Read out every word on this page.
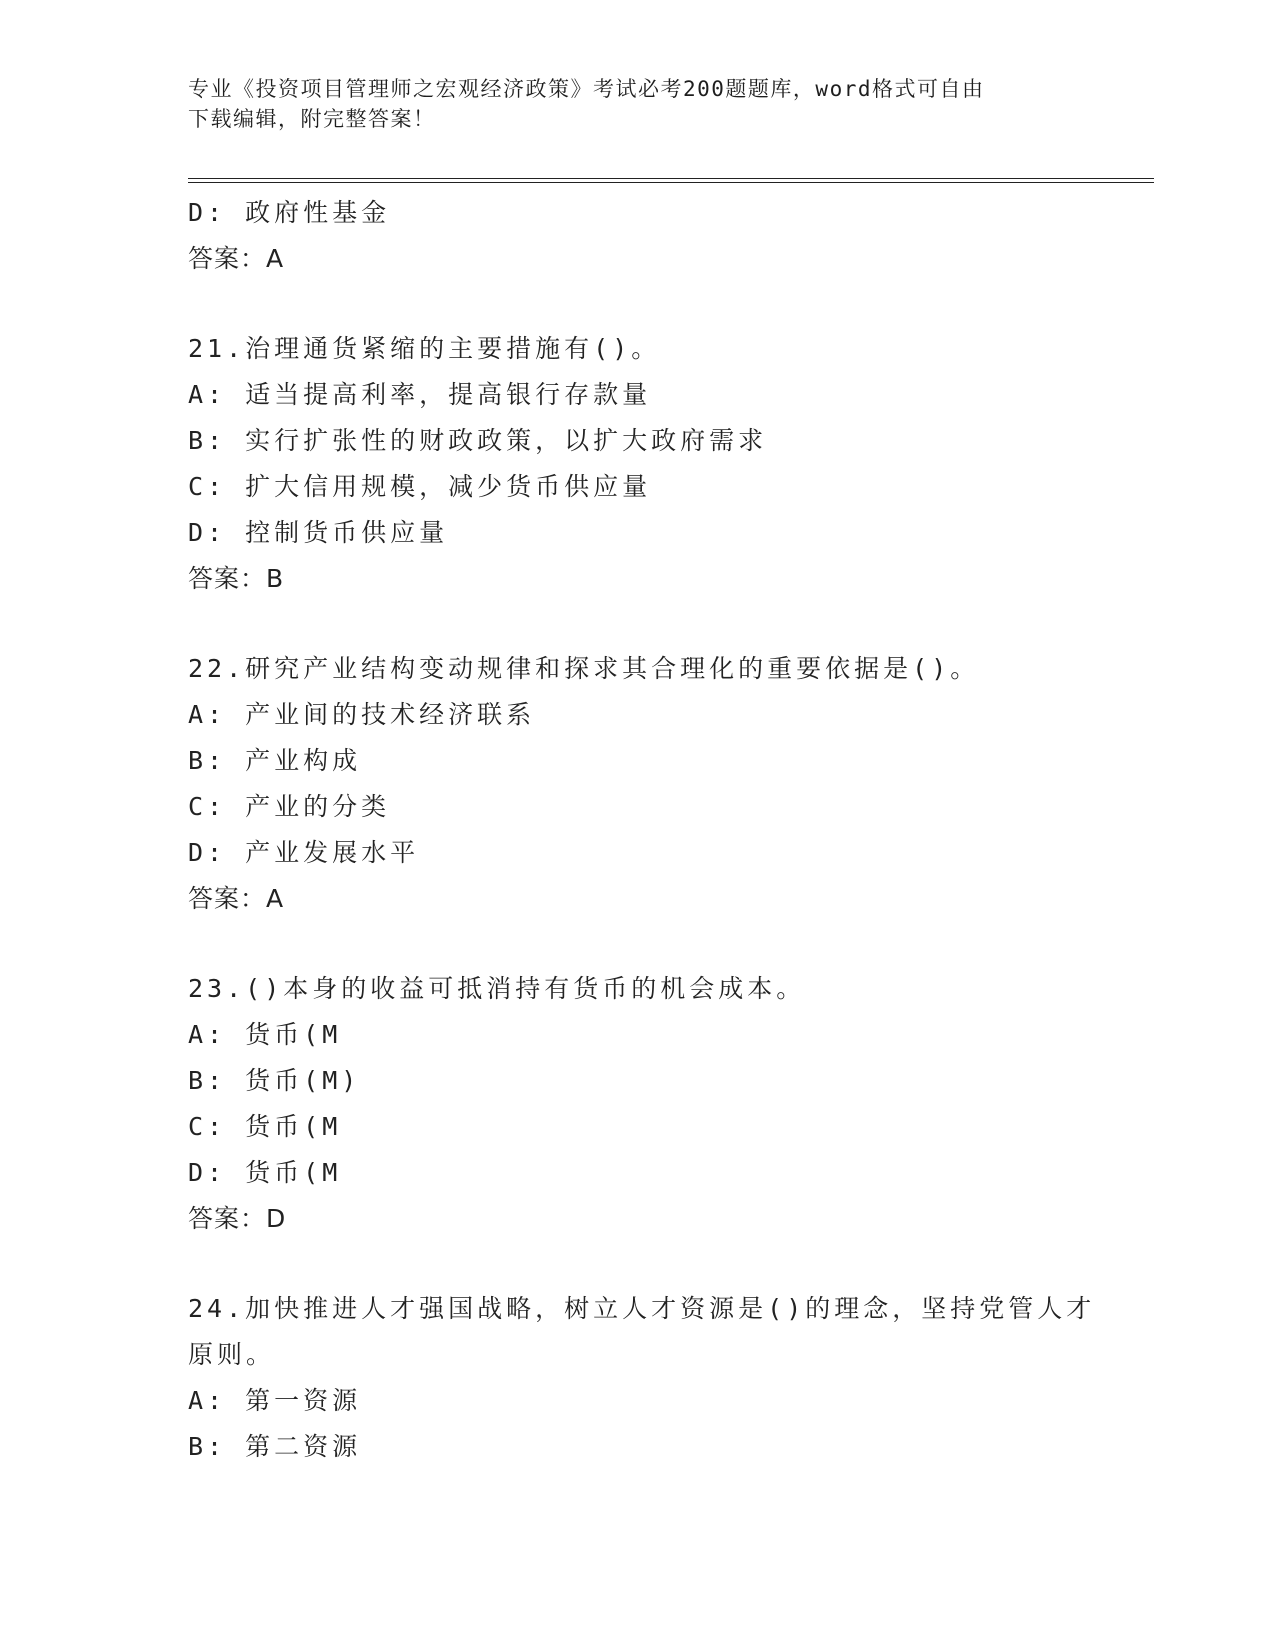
专业《投资项目管理师之宏观经济政策》考试必考200题题库，word格式可自由
下载编辑，附完整答案！
D: 政府性基金
答案：A
21.治理通货紧缩的主要措施有()。
A: 适当提高利率，提高银行存款量
B: 实行扩张性的财政政策，以扩大政府需求
C: 扩大信用规模，减少货币供应量
D: 控制货币供应量
答案：B
22.研究产业结构变动规律和探求其合理化的重要依据是()。
A: 产业间的技术经济联系
B: 产业构成
C: 产业的分类
D: 产业发展水平
答案：A
23.()本身的收益可抵消持有货币的机会成本。
A: 货币(M
B: 货币(M)
C: 货币(M
D: 货币(M
答案：D
24.加快推进人才强国战略，树立人才资源是()的理念，坚持党管人才
原则。
A: 第一资源
B: 第二资源
